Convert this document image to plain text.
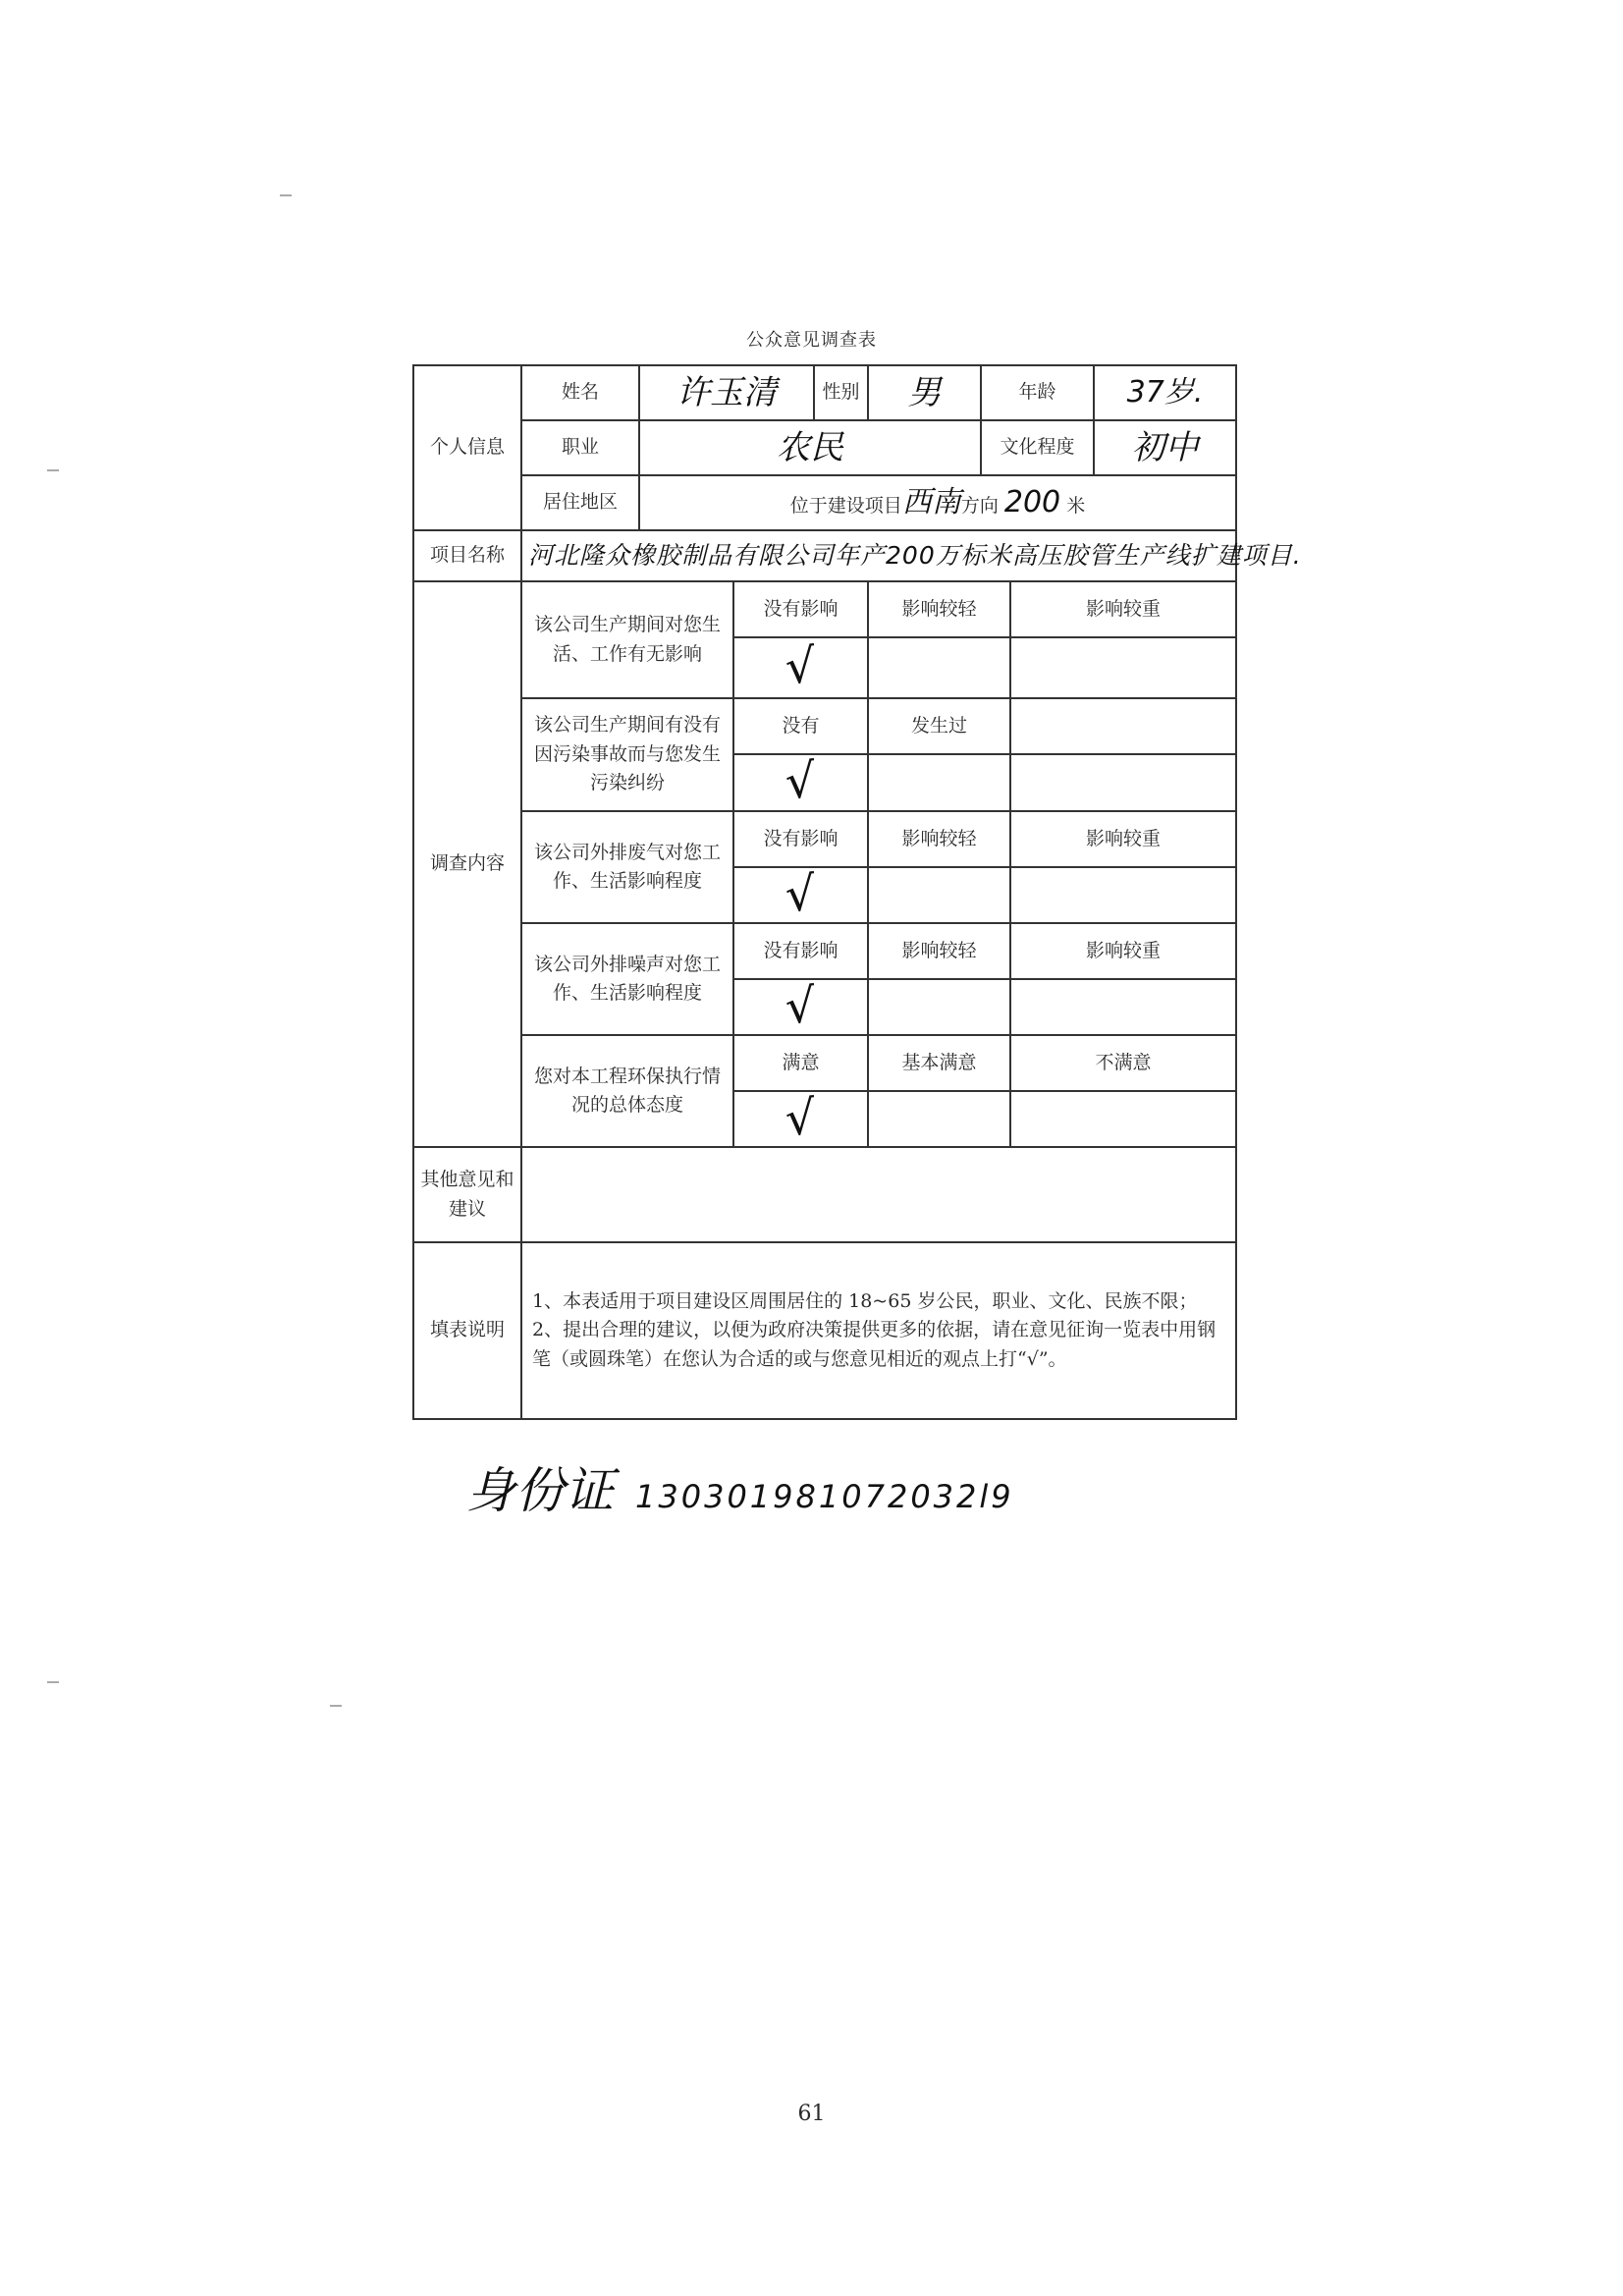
公众意见调查表
个人信息	姓名	许玉清		性别	男	年龄		37岁.
	职业	农民				文化程度		初中
	居住地区	位于建设项目西南方向 200 米						
项目名称	河北隆众橡胶制品有限公司年产200万标米高压胶管生产线扩建项目.							
调查内容	该公司生产期间对您生活、工作有无影响		没有影响		影响较轻		影响较重	
			√					
	该公司生产期间有没有因污染事故而与您发生污染纠纷		没有		发生过			
			√					
	该公司外排废气对您工作、生活影响程度		没有影响		影响较轻		影响较重	
			√					
	该公司外排噪声对您工作、生活影响程度		没有影响		影响较轻		影响较重	
			√					
	您对本工程环保执行情况的总体态度		满意		基本满意		不满意	
			√					
其他意见和建议								
填表说明	1、本表适用于项目建设区周围居住的 18~65 岁公民，职业、文化、民族不限；
2、提出合理的建议，以便为政府决策提供更多的依据，请在意见征询一览表中用钢笔（或圆珠笔）在您认为合适的或与您意见相近的观点上打“√”。							
身份证 130301981072032l9
61
